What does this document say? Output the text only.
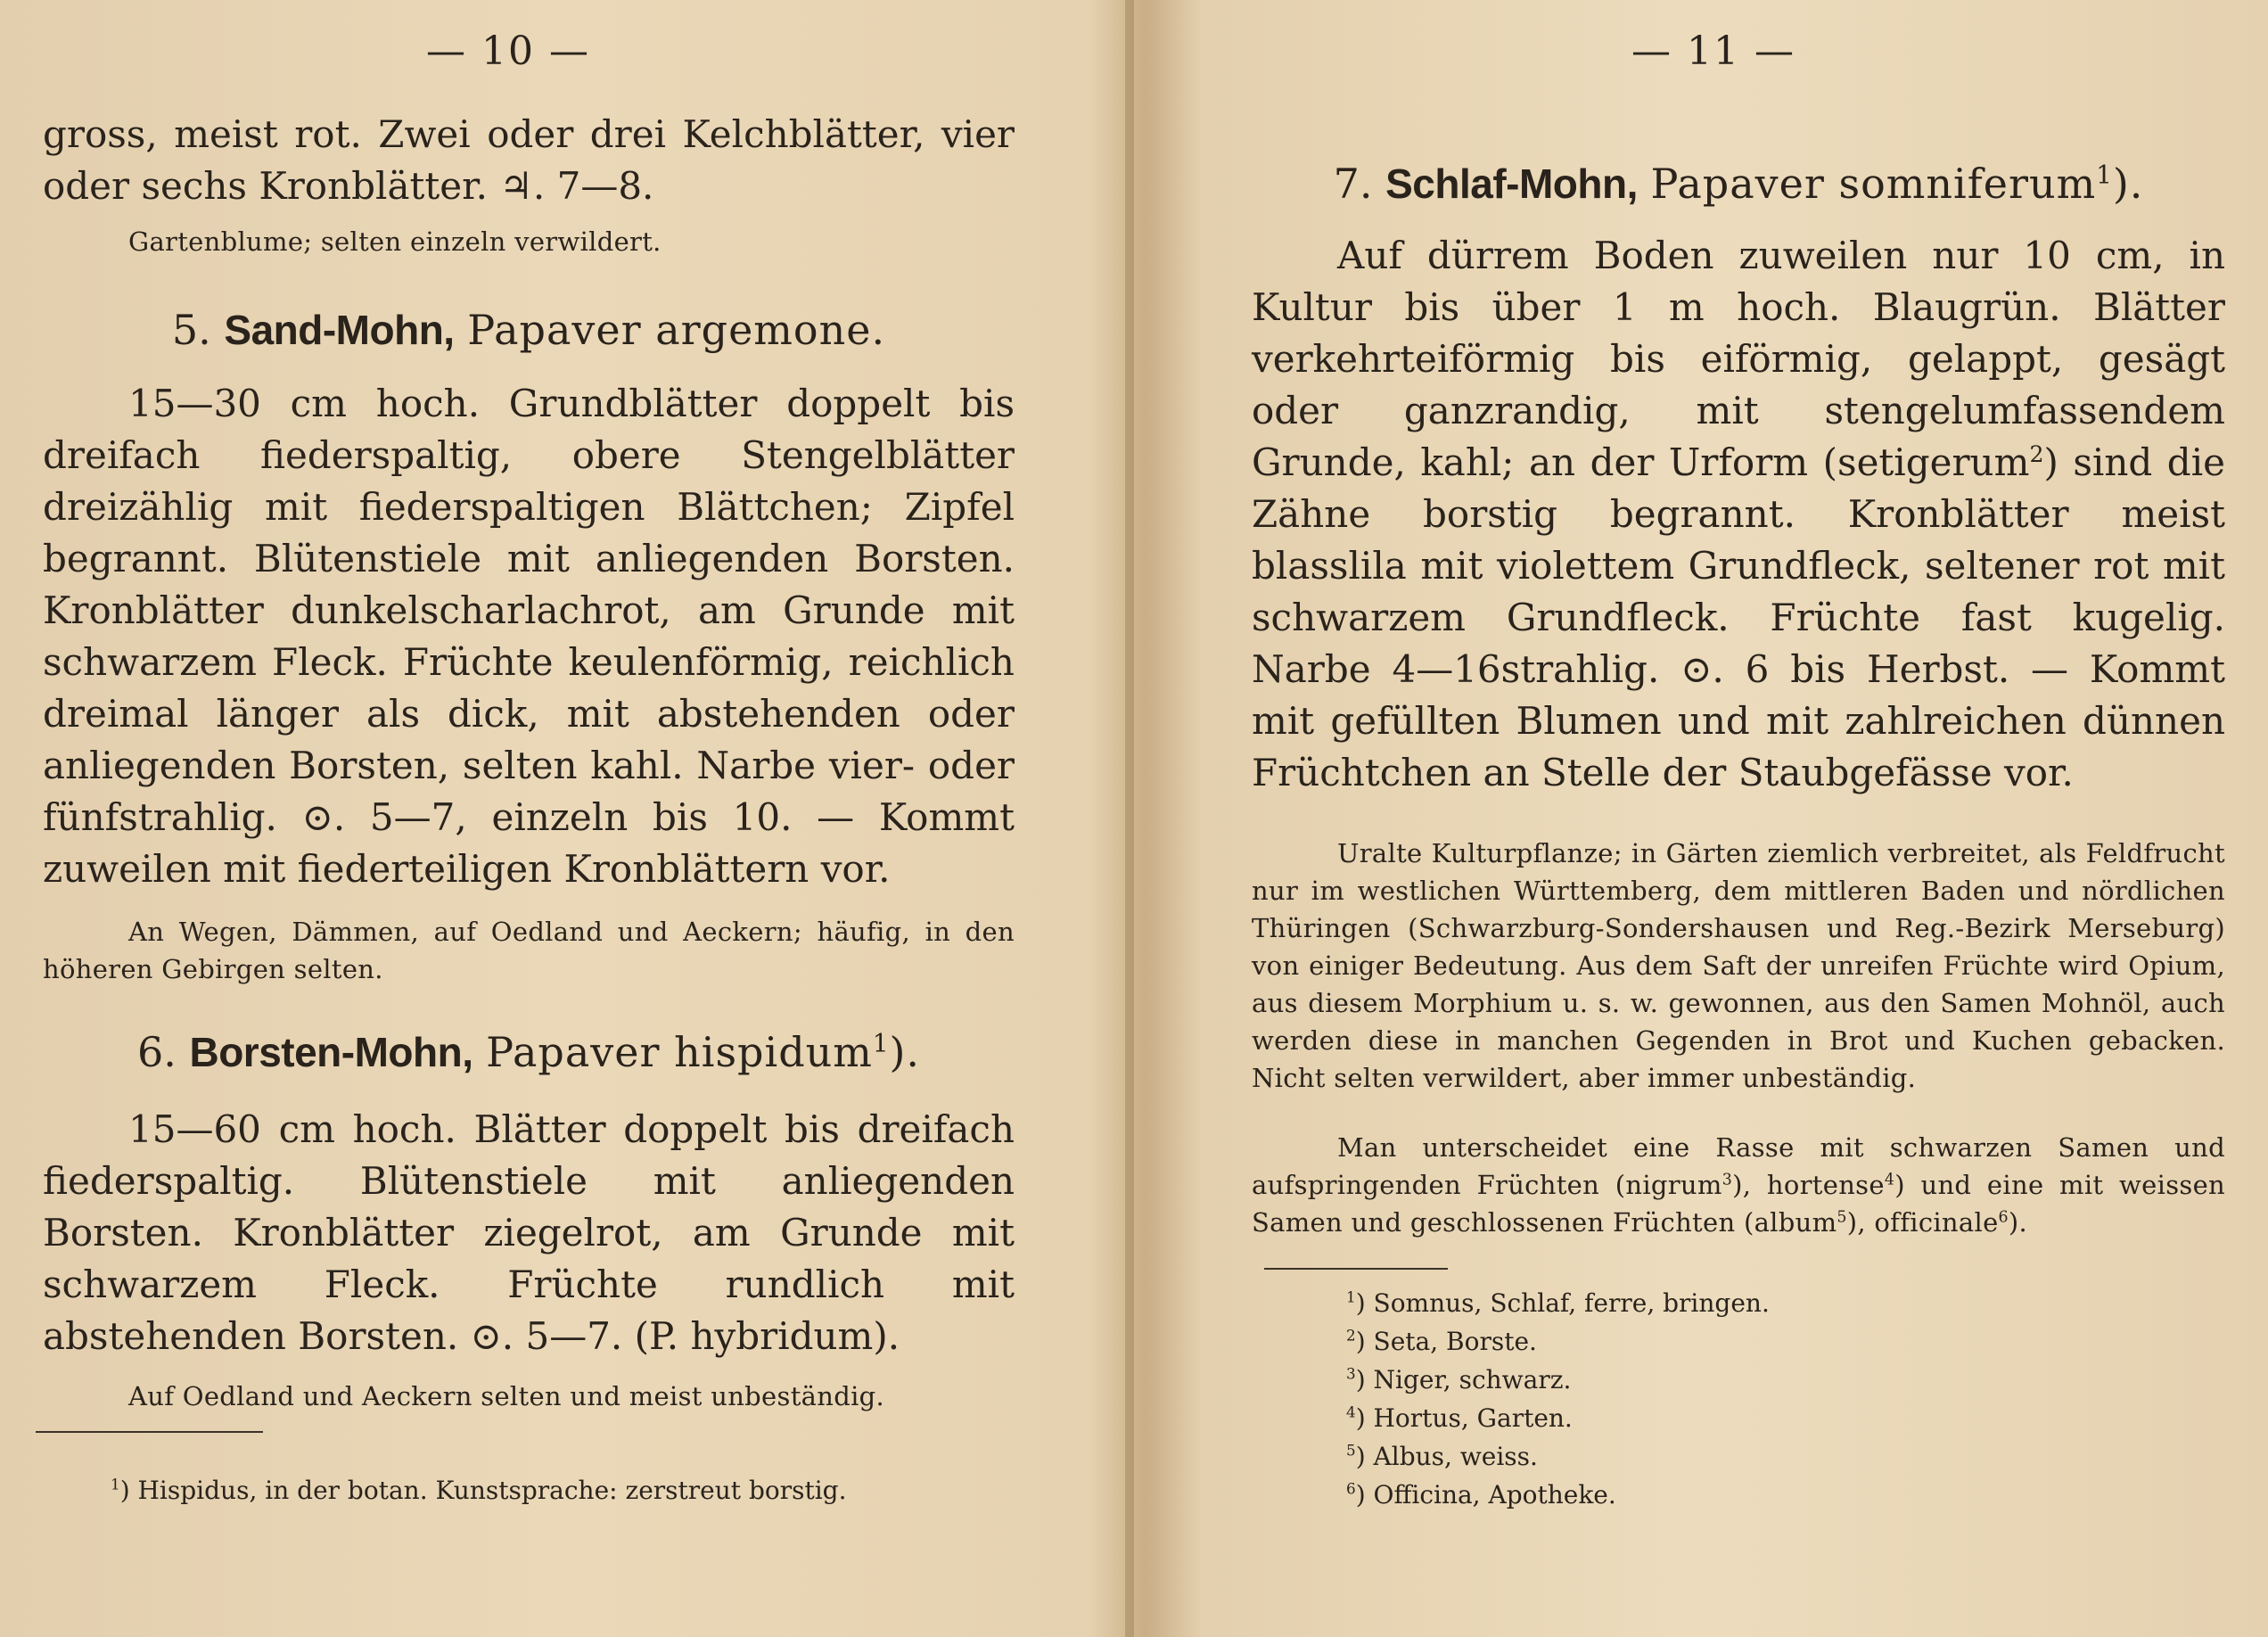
— 10 —
gross, meist rot. Zwei oder drei Kelchblätter, vier oder sechs Kronblätter. ♃. 7—8.
Gartenblume; selten einzeln verwildert.
5. Sand-Mohn, Papaver argemone.
15—30 cm hoch. Grundblätter doppelt bis dreifach fiederspaltig, obere Stengelblätter dreizählig mit fiederspaltigen Blättchen; Zipfel begrannt. Blütenstiele mit anliegenden Borsten. Kronblätter dunkelscharlachrot, am Grunde mit schwarzem Fleck. Früchte keulenförmig, reichlich dreimal länger als dick, mit abstehenden oder anliegenden Borsten, selten kahl. Narbe vier- oder fünfstrahlig. ⊙. 5—7, einzeln bis 10. — Kommt zuweilen mit fiederteiligen Kronblättern vor.
An Wegen, Dämmen, auf Oedland und Aeckern; häufig, in den höheren Gebirgen selten.
6. Borsten-Mohn, Papaver hispidum$^1$).
15—60 cm hoch. Blätter doppelt bis dreifach fiederspaltig. Blütenstiele mit anliegenden Borsten. Kronblätter ziegelrot, am Grunde mit schwarzem Fleck. Früchte rundlich mit abstehenden Borsten. ⊙. 5—7. (P. hybridum).
Auf Oedland und Aeckern selten und meist unbeständig.
$^1$) Hispidus, in der botan. Kunstsprache: zerstreut borstig.
— 11 —
7. Schlaf-Mohn, Papaver somniferum$^1$).
Auf dürrem Boden zuweilen nur 10 cm, in Kultur bis über 1 m hoch. Blaugrün. Blätter verkehrteiförmig bis eiförmig, gelappt, gesägt oder ganzrandig, mit stengelumfassendem Grunde, kahl; an der Urform (setigerum$^2$) sind die Zähne borstig begrannt. Kronblätter meist blasslila mit violettem Grundfleck, seltener rot mit schwarzem Grundfleck. Früchte fast kugelig. Narbe 4—16strahlig. ⊙. 6 bis Herbst. — Kommt mit gefüllten Blumen und mit zahlreichen dünnen Früchtchen an Stelle der Staubgefässe vor.
Uralte Kulturpflanze; in Gärten ziemlich verbreitet, als Feldfrucht nur im westlichen Württemberg, dem mittleren Baden und nördlichen Thüringen (Schwarzburg-Sondershausen und Reg.-Bezirk Merseburg) von einiger Bedeutung. Aus dem Saft der unreifen Früchte wird Opium, aus diesem Morphium u. s. w. gewonnen, aus den Samen Mohnöl, auch werden diese in manchen Gegenden in Brot und Kuchen gebacken. Nicht selten verwildert, aber immer unbeständig.
Man unterscheidet eine Rasse mit schwarzen Samen und aufspringenden Früchten (nigrum$^3$), hortense$^4$) und eine mit weissen Samen und geschlossenen Früchten (album$^5$), officinale$^6$).
$^1$) Somnus, Schlaf, ferre, bringen.
$^2$) Seta, Borste.
$^3$) Niger, schwarz.
$^4$) Hortus, Garten.
$^5$) Albus, weiss.
$^6$) Officina, Apotheke.
